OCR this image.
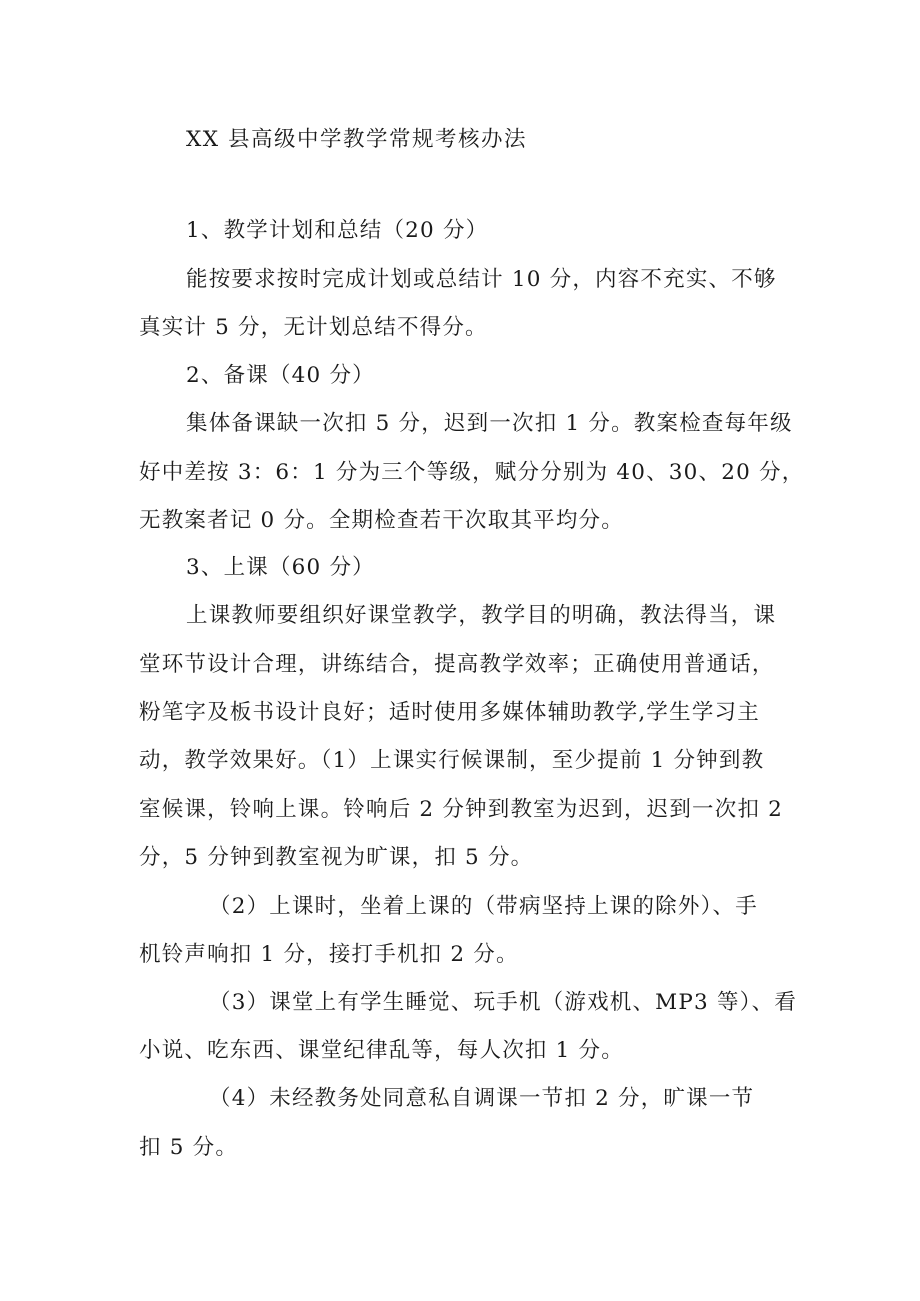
XX 县高级中学教学常规考核办法
1、教学计划和总结（20 分）
能按要求按时完成计划或总结计 10 分，内容不充实、不够
真实计 5 分，无计划总结不得分。
2、备课（40 分）
集体备课缺一次扣 5 分，迟到一次扣 1 分。教案检查每年级
好中差按 3：6：1 分为三个等级，赋分分别为 40、30、20 分，
无教案者记 0 分。全期检查若干次取其平均分。
3、上课（60 分）
上课教师要组织好课堂教学，教学目的明确，教法得当，课
堂环节设计合理，讲练结合，提高教学效率；正确使用普通话，
粉笔字及板书设计良好；适时使用多媒体辅助教学,学生学习主
动，教学效果好。（1）上课实行候课制，至少提前 1 分钟到教
室候课，铃响上课。铃响后 2 分钟到教室为迟到，迟到一次扣 2
分，5 分钟到教室视为旷课，扣 5 分。
（2）上课时，坐着上课的（带病坚持上课的除外）、手
机铃声响扣 1 分，接打手机扣 2 分。
（3）课堂上有学生睡觉、玩手机（游戏机、MP3 等）、看
小说、吃东西、课堂纪律乱等，每人次扣 1 分。
（4）未经教务处同意私自调课一节扣 2 分，旷课一节
扣 5 分。
